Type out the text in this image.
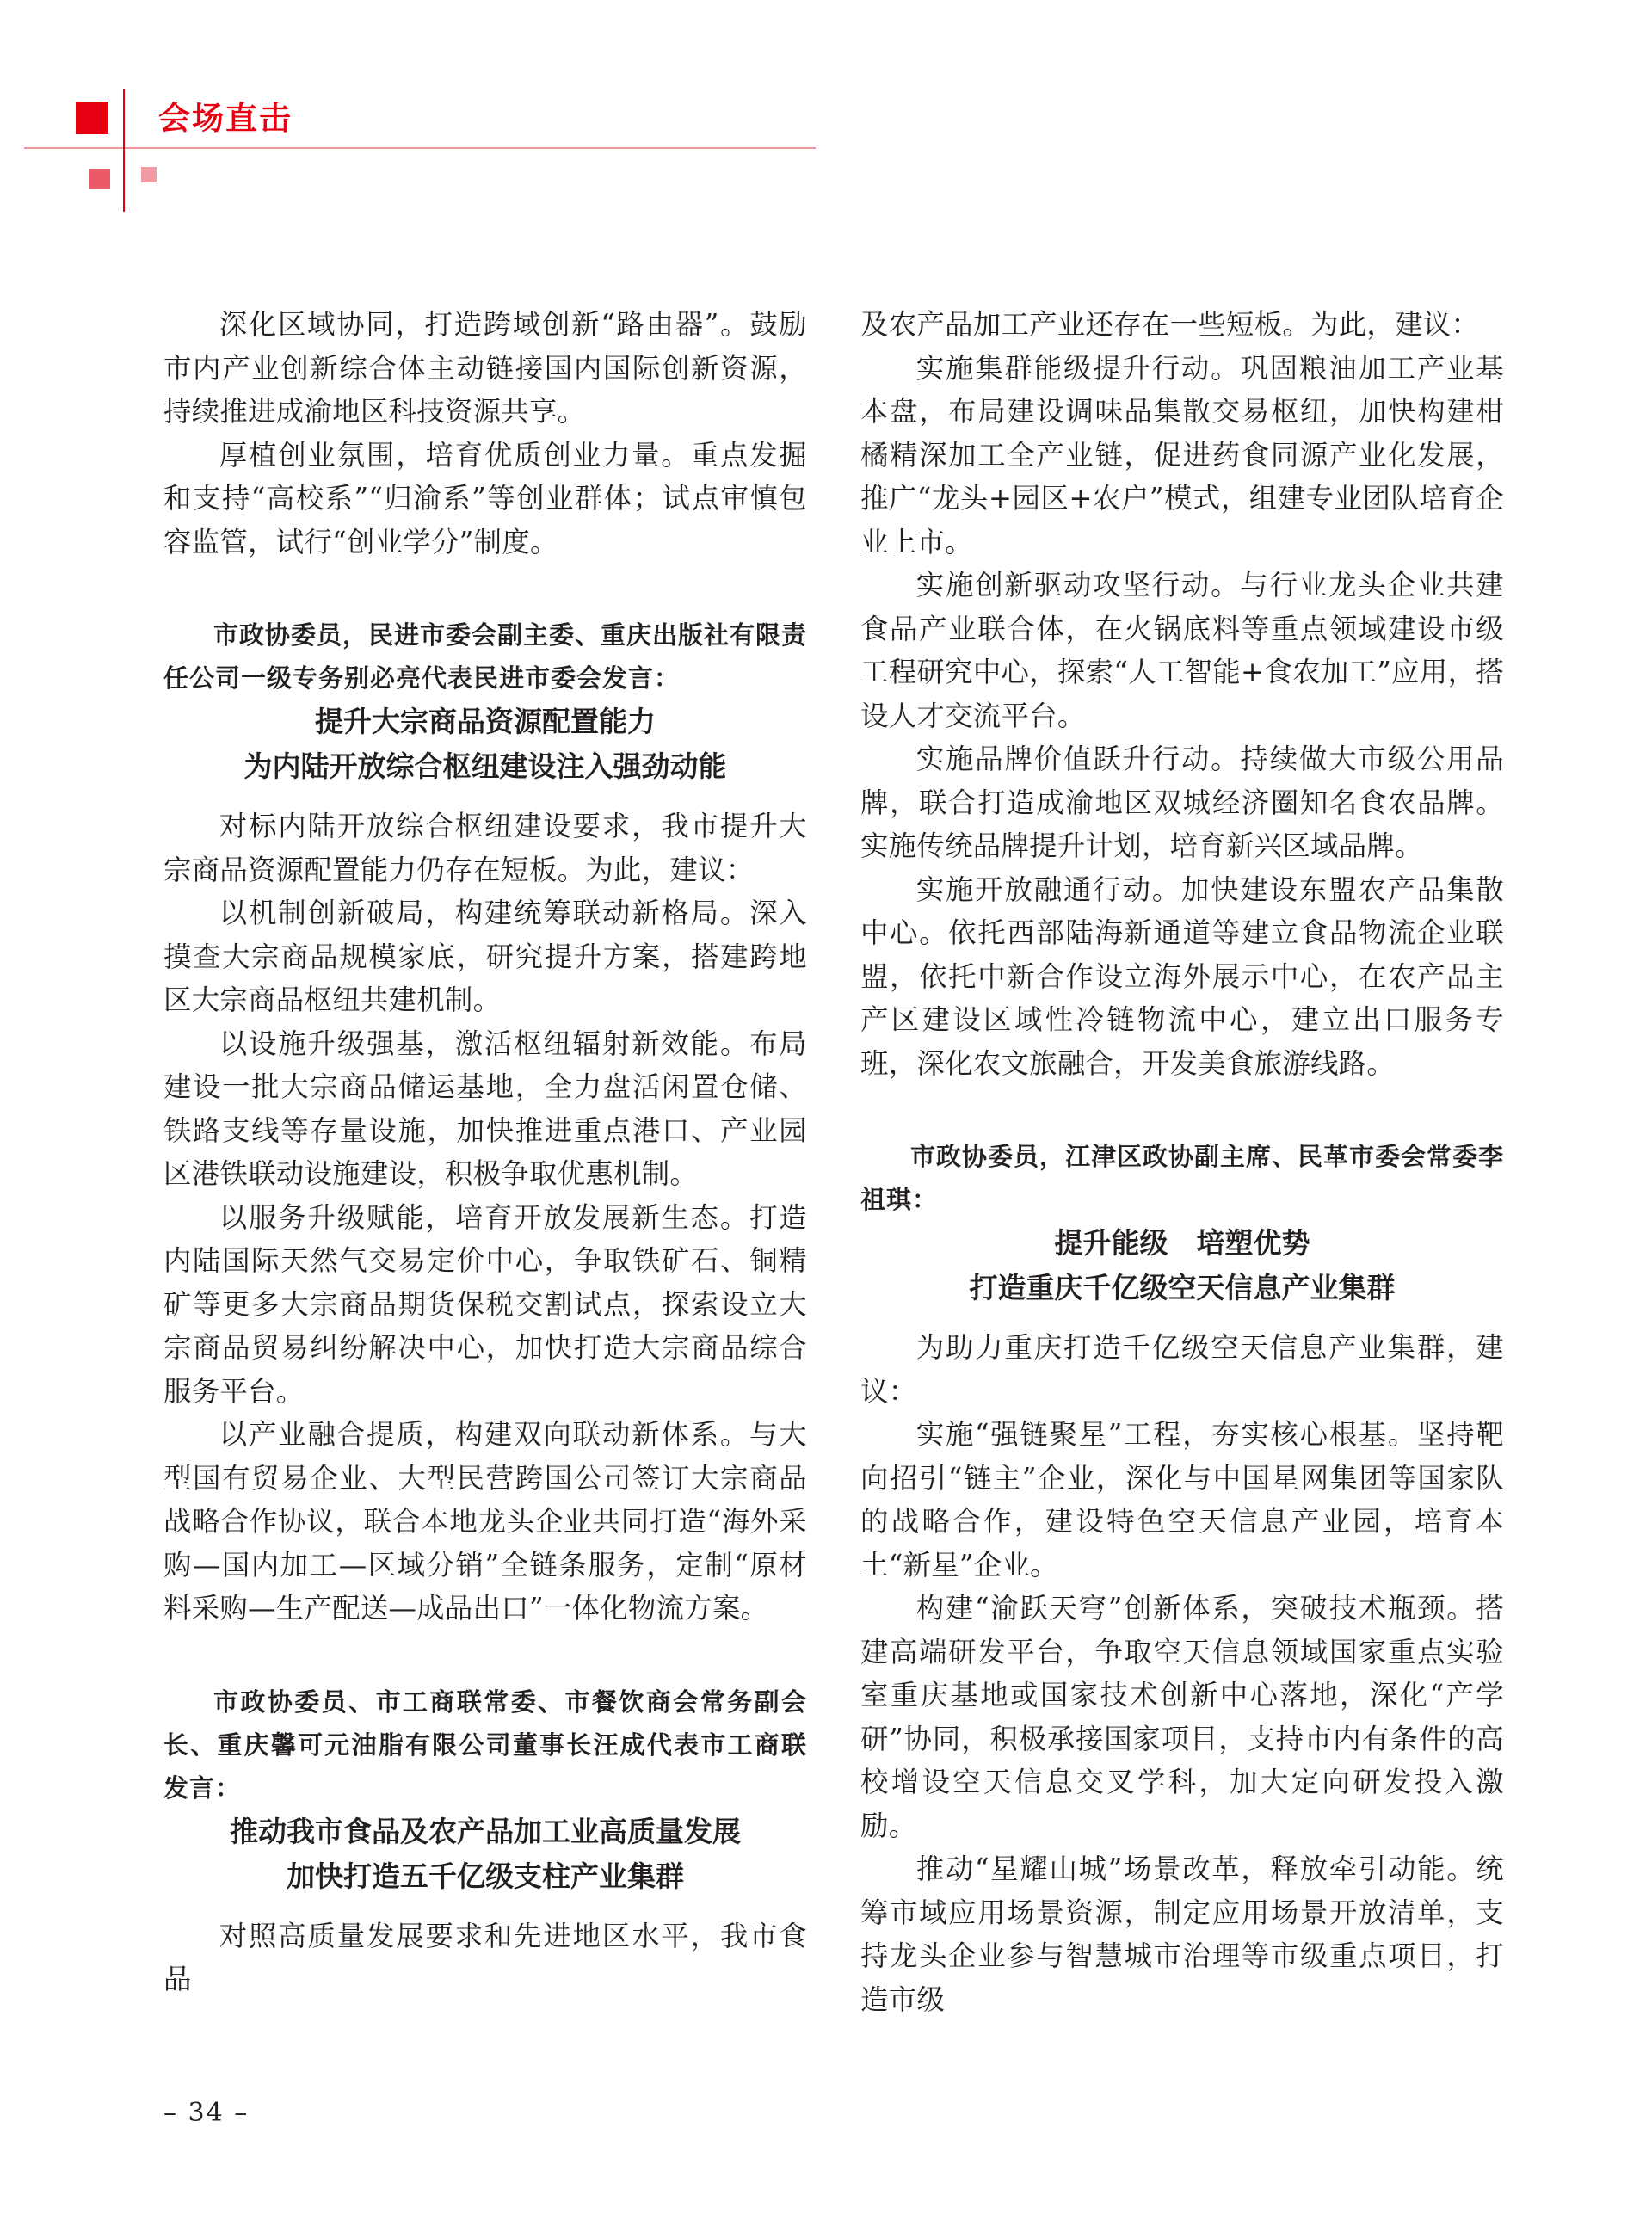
会场直击

深化区域协同，打造跨域创新“路由器”。鼓励市内产业创新综合体主动链接国内国际创新资源，持续推进成渝地区科技资源共享。

厚植创业氛围，培育优质创业力量。重点发掘和支持“高校系”“归渝系”等创业群体；试点审慎包容监管，试行“创业学分”制度。

市政协委员，民进市委会副主委、重庆出版社有限责任公司一级专务别必亮代表民进市委会发言：

提升大宗商品资源配置能力
为内陆开放综合枢纽建设注入强劲动能

对标内陆开放综合枢纽建设要求，我市提升大宗商品资源配置能力仍存在短板。为此，建议：

以机制创新破局，构建统筹联动新格局。深入摸查大宗商品规模家底，研究提升方案，搭建跨地区大宗商品枢纽共建机制。

以设施升级强基，激活枢纽辐射新效能。布局建设一批大宗商品储运基地，全力盘活闲置仓储、铁路支线等存量设施，加快推进重点港口、产业园区港铁联动设施建设，积极争取优惠机制。

以服务升级赋能，培育开放发展新生态。打造内陆国际天然气交易定价中心，争取铁矿石、铜精矿等更多大宗商品期货保税交割试点，探索设立大宗商品贸易纠纷解决中心，加快打造大宗商品综合服务平台。

以产业融合提质，构建双向联动新体系。与大型国有贸易企业、大型民营跨国公司签订大宗商品战略合作协议，联合本地龙头企业共同打造“海外采购—国内加工—区域分销”全链条服务，定制“原材料采购—生产配送—成品出口”一体化物流方案。

市政协委员、市工商联常委、市餐饮商会常务副会长、重庆馨可元油脂有限公司董事长汪成代表市工商联发言：

推动我市食品及农产品加工业高质量发展
加快打造五千亿级支柱产业集群

对照高质量发展要求和先进地区水平，我市食品

及农产品加工产业还存在一些短板。为此，建议：

实施集群能级提升行动。巩固粮油加工产业基本盘，布局建设调味品集散交易枢纽，加快构建柑橘精深加工全产业链，促进药食同源产业化发展，推广“龙头+园区+农户”模式，组建专业团队培育企业上市。

实施创新驱动攻坚行动。与行业龙头企业共建食品产业联合体，在火锅底料等重点领域建设市级工程研究中心，探索“人工智能+食农加工”应用，搭设人才交流平台。

实施品牌价值跃升行动。持续做大市级公用品牌，联合打造成渝地区双城经济圈知名食农品牌。实施传统品牌提升计划，培育新兴区域品牌。

实施开放融通行动。加快建设东盟农产品集散中心。依托西部陆海新通道等建立食品物流企业联盟，依托中新合作设立海外展示中心，在农产品主产区建设区域性冷链物流中心，建立出口服务专班，深化农文旅融合，开发美食旅游线路。

市政协委员，江津区政协副主席、民革市委会常委李祖琪：

提升能级　培塑优势
打造重庆千亿级空天信息产业集群

为助力重庆打造千亿级空天信息产业集群，建议：

实施“强链聚星”工程，夯实核心根基。坚持靶向招引“链主”企业，深化与中国星网集团等国家队的战略合作，建设特色空天信息产业园，培育本土“新星”企业。

构建“渝跃天穹”创新体系，突破技术瓶颈。搭建高端研发平台，争取空天信息领域国家重点实验室重庆基地或国家技术创新中心落地，深化“产学研”协同，积极承接国家项目，支持市内有条件的高校增设空天信息交叉学科，加大定向研发投入激励。

推动“星耀山城”场景改革，释放牵引动能。统筹市域应用场景资源，制定应用场景开放清单，支持龙头企业参与智慧城市治理等市级重点项目，打造市级

– 34 –
